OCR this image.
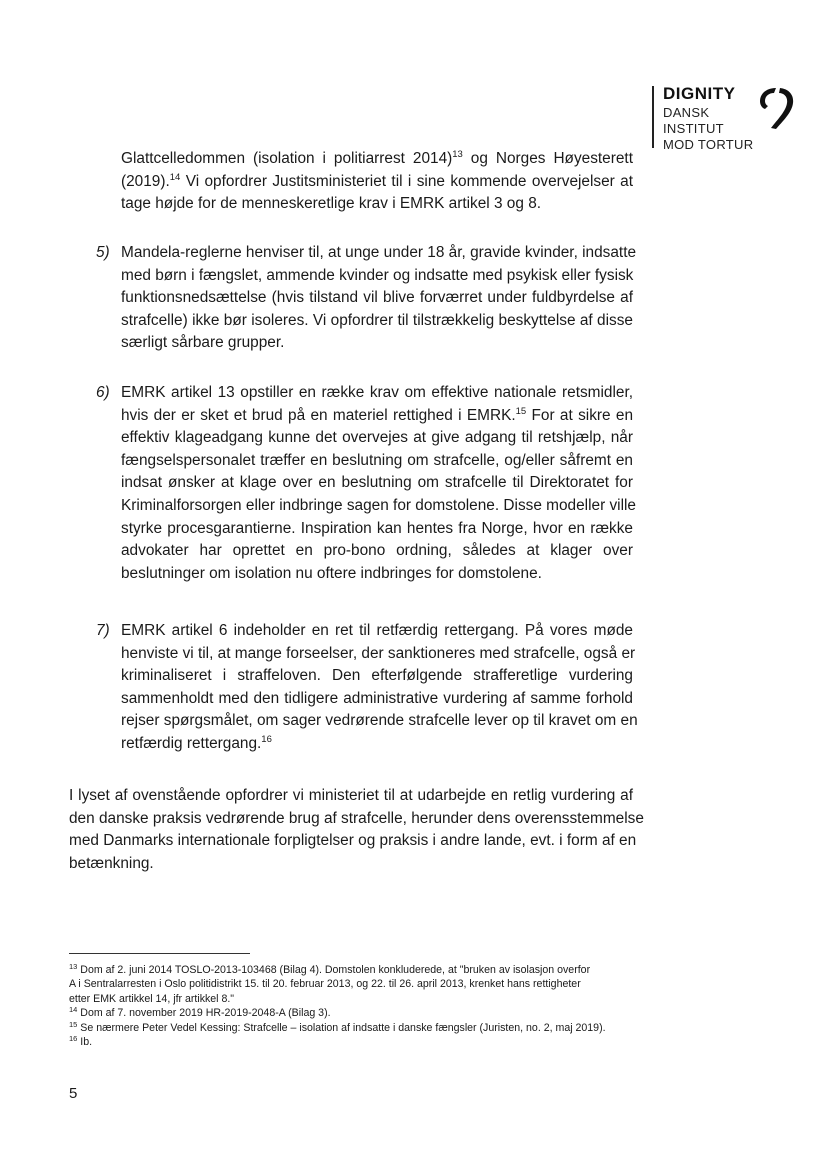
DIGNITY
DANSK
INSTITUT
MOD TORTUR
Glattcelledommen (isolation i politiarrest 2014)$^{13}$ og Norges Høyesterett
(2019).$^{14}$ Vi opfordrer Justitsministeriet til i sine kommende overvejelser at
tage højde for de menneskeretlige krav i EMRK artikel 3 og 8.
5) Mandela-reglerne henviser til, at unge under 18 år, gravide kvinder, indsatte
med børn i fængslet, ammende kvinder og indsatte med psykisk eller fysisk
funktionsnedsættelse (hvis tilstand vil blive forværret under fuldbyrdelse af
strafcelle) ikke bør isoleres. Vi opfordrer til tilstrækkelig beskyttelse af disse
særligt sårbare grupper.
6) EMRK artikel 13 opstiller en række krav om effektive nationale retsmidler,
hvis der er sket et brud på en materiel rettighed i EMRK.$^{15}$ For at sikre en
effektiv klageadgang kunne det overvejes at give adgang til retshjælp, når
fængselspersonalet træffer en beslutning om strafcelle, og/eller såfremt en
indsat ønsker at klage over en beslutning om strafcelle til Direktoratet for
Kriminalforsorgen eller indbringe sagen for domstolene. Disse modeller ville
styrke procesgarantierne. Inspiration kan hentes fra Norge, hvor en række
advokater har oprettet en pro-bono ordning, således at klager over
beslutninger om isolation nu oftere indbringes for domstolene.
7) EMRK artikel 6 indeholder en ret til retfærdig rettergang. På vores møde
henviste vi til, at mange forseelser, der sanktioneres med strafcelle, også er
kriminaliseret i straffeloven. Den efterfølgende strafferetlige vurdering
sammenholdt med den tidligere administrative vurdering af samme forhold
rejser spørgsmålet, om sager vedrørende strafcelle lever op til kravet om en
retfærdig rettergang.$^{16}$
I lyset af ovenstående opfordrer vi ministeriet til at udarbejde en retlig vurdering af
den danske praksis vedrørende brug af strafcelle, herunder dens overensstemmelse
med Danmarks internationale forpligtelser og praksis i andre lande, evt. i form af en
betænkning.
$^{13}$ Dom af 2. juni 2014 TOSLO-2013-103468 (Bilag 4). Domstolen konkluderede, at "bruken av isolasjon overfor
A i Sentralarresten i Oslo politidistrikt 15. til 20. februar 2013, og 22. til 26. april 2013, krenket hans rettigheter
etter EMK artikkel 14, jfr artikkel 8."
$^{14}$ Dom af 7. november 2019 HR-2019-2048-A (Bilag 3).
$^{15}$ Se nærmere Peter Vedel Kessing: Strafcelle – isolation af indsatte i danske fængsler (Juristen, no. 2, maj 2019).
$^{16}$ Ib.
5
